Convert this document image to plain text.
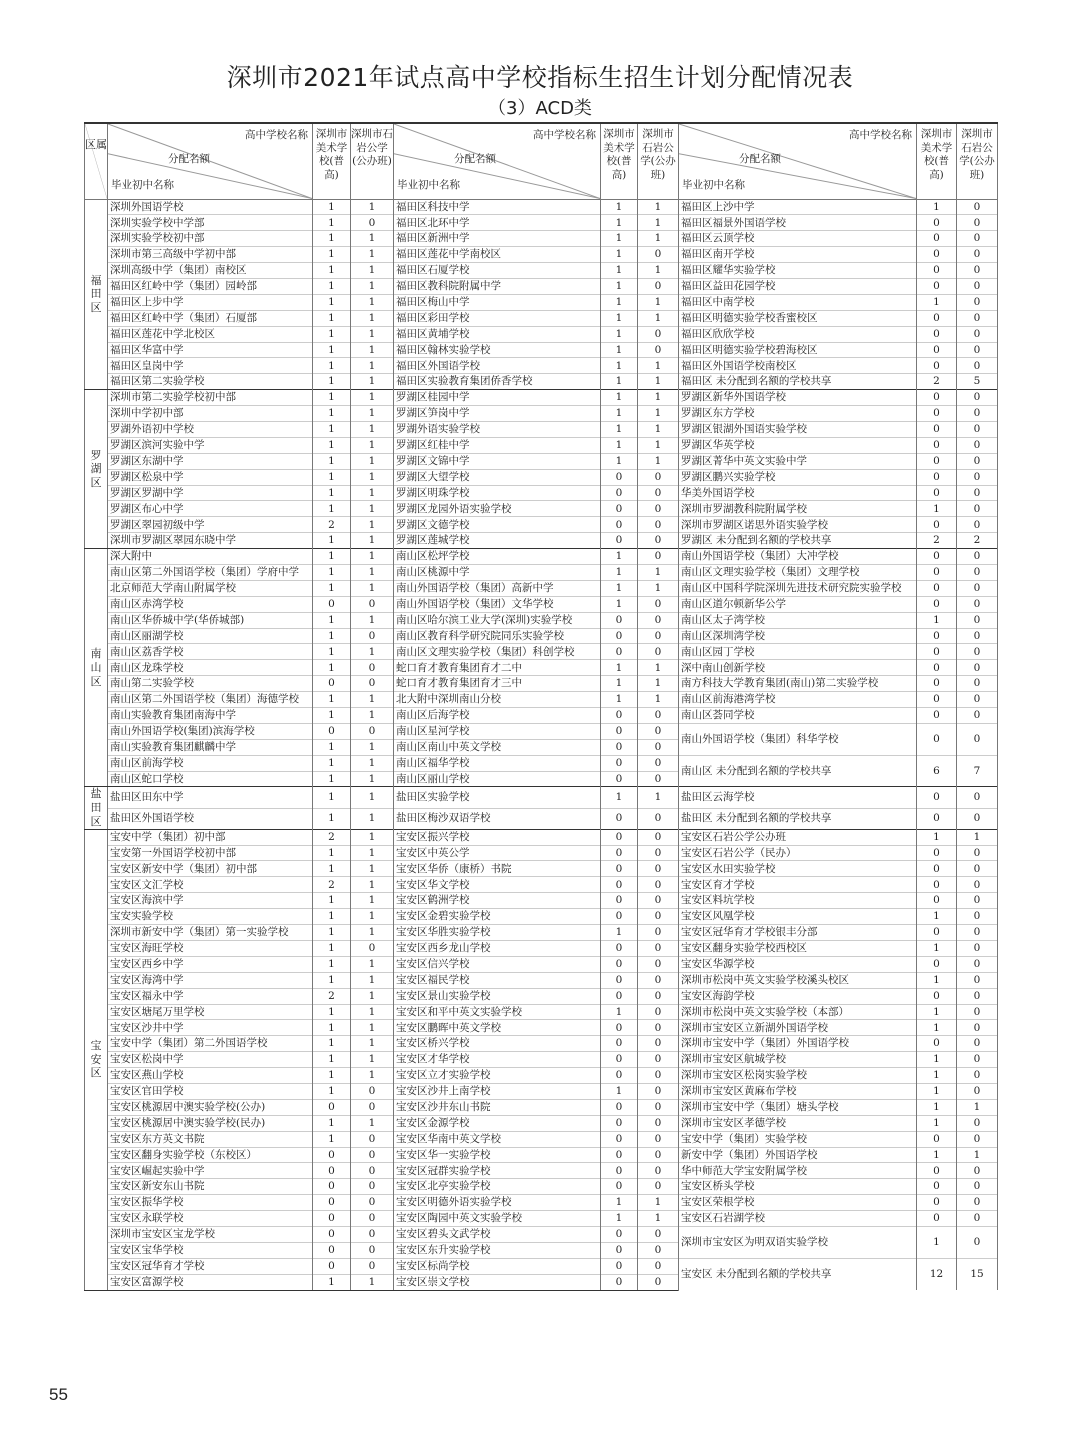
深圳市2021年试点高中学校指标生招生计划分配情况表
（3）ACD类
区属	高中学校名称
分配名额
毕业初中名称	深圳市美术学校(普高)	深圳市石岩公学(公办班)	高中学校名称
分配名额
毕业初中名称	深圳市美术学校(普高)	深圳市石岩公学(公办班)	高中学校名称
分配名额
毕业初中名称	深圳市美术学校(普高)	深圳市石岩公学(公办班)

福
田
区	深圳外国语学校	1	1	福田区科技中学	1	1	福田区上沙中学	1	0
	深圳实验学校中学部	1	0	福田区北环中学	1	1	福田区福景外国语学校	0	0
	深圳实验学校初中部	1	1	福田区新洲中学	1	1	福田区云顶学校	0	0
	深圳市第三高级中学初中部	1	1	福田区莲花中学南校区	1	0	福田区南开学校	0	0
	深圳高级中学（集团）南校区	1	1	福田区石厦学校	1	1	福田区耀华实验学校	0	0
	福田区红岭中学（集团）园岭部	1	1	福田区教科院附属中学	1	0	福田区益田花园学校	0	0
	福田区上步中学	1	1	福田区梅山中学	1	1	福田区中南学校	1	0
	福田区红岭中学（集团）石厦部	1	1	福田区彩田学校	1	1	福田区明德实验学校香蜜校区	0	0
	福田区莲花中学北校区	1	1	福田区黄埔学校	1	0	福田区欣欣学校	0	0
	福田区华富中学	1	1	福田区翰林实验学校	1	0	福田区明德实验学校碧海校区	0	0
	福田区皇岗中学	1	1	福田区外国语学校	1	1	福田区外国语学校南校区	0	0
	福田区第二实验学校	1	1	福田区实验教育集团侨香学校	1	1	福田区 未分配到名额的学校共享	2	5

罗
湖
区	深圳市第二实验学校初中部	1	1	罗湖区桂园中学	1	1	罗湖区新华外国语学校	0	0
	深圳中学初中部	1	1	罗湖区笋岗中学	1	1	罗湖区东方学校	0	0
	罗湖外语初中学校	1	1	罗湖外语实验学校	1	1	罗湖区银湖外国语实验学校	0	0
	罗湖区滨河实验中学	1	1	罗湖区红桂中学	1	1	罗湖区华英学校	0	0
	罗湖区东湖中学	1	1	罗湖区文锦中学	1	1	罗湖区菁华中英文实验中学	0	0
	罗湖区松泉中学	1	1	罗湖区大望学校	0	0	罗湖区鹏兴实验学校	0	0
	罗湖区罗湖中学	1	1	罗湖区明珠学校	0	0	华美外国语学校	0	0
	罗湖区布心中学	1	1	罗湖区龙园外语实验学校	0	0	深圳市罗湖教科院附属学校	1	0
	罗湖区翠园初级中学	2	1	罗湖区文德学校	0	0	深圳市罗湖区诺思外语实验学校	0	0
	深圳市罗湖区翠园东晓中学	1	1	罗湖区莲城学校	0	0	罗湖区 未分配到名额的学校共享	2	2

南
山
区	深大附中	1	1	南山区松坪学校	1	0	南山外国语学校（集团）大冲学校	0	0
	南山区第二外国语学校（集团）学府中学	1	1	南山区桃源中学	1	1	南山区文理实验学校（集团）文理学校	0	0
	北京师范大学南山附属学校	1	1	南山外国语学校（集团）高新中学	1	1	南山区中国科学院深圳先进技术研究院实验学校	0	0
	南山区赤湾学校	0	0	南山外国语学校（集团）文华学校	1	0	南山区道尔顿新华公学	0	0
	南山区华侨城中学(华侨城部)	1	1	南山区哈尔滨工业大学(深圳)实验学校	0	0	南山区太子湾学校	1	0
	南山区丽湖学校	1	0	南山区教育科学研究院同乐实验学校	0	0	南山区深圳湾学校	0	0
	南山区荔香学校	1	1	南山区文理实验学校（集团）科创学校	0	0	南山区园丁学校	0	0
	南山区龙珠学校	1	0	蛇口育才教育集团育才二中	1	1	深中南山创新学校	0	0
	南山第二实验学校	0	0	蛇口育才教育集团育才三中	1	1	南方科技大学教育集团(南山)第二实验学校	0	0
	南山区第二外国语学校（集团）海德学校	1	1	北大附中深圳南山分校	1	1	南山区前海港湾学校	0	0
	南山实验教育集团南海中学	1	1	南山区后海学校	0	0	南山区荟同学校	0	0
	南山外国语学校(集团)滨海学校	0	0	南山区星河学校	0	0	南山外国语学校（集团）科华学校	0	0
	南山实验教育集团麒麟中学	1	1	南山区南山中英文学校	0	0			
	南山区前海学校	1	1	南山区福华学校	0	0	南山区 未分配到名额的学校共享	6	7
	南山区蛇口学校	1	1	南山区丽山学校	0	0			

盐
田
区	盐田区田东中学	1	1	盐田区实验学校	1	1	盐田区云海学校	0	0
	盐田区外国语学校	1	1	盐田区梅沙双语学校	0	0	盐田区 未分配到名额的学校共享	0	0

宝
安
区	宝安中学（集团）初中部	2	1	宝安区振兴学校	0	0	宝安区石岩公学公办班	1	1
	宝安第一外国语学校初中部	1	1	宝安区中英公学	0	0	宝安区石岩公学（民办）	0	0
	宝安区新安中学（集团）初中部	1	1	宝安区华侨（康桥）书院	0	0	宝安区水田实验学校	0	0
	宝安区文汇学校	2	1	宝安区华文学校	0	0	宝安区育才学校	0	0
	宝安区海滨中学	1	1	宝安区鹤洲学校	0	0	宝安区料坑学校	0	0
	宝安实验学校	1	1	宝安区金碧实验学校	0	0	宝安区风凰学校	1	0
	深圳市新安中学（集团）第一实验学校	1	1	宝安区华胜实验学校	1	0	宝安区冠华育才学校银丰分部	0	0
	宝安区海旺学校	1	0	宝安区西乡龙山学校	0	0	宝安区翻身实验学校西校区	1	0
	宝安区西乡中学	1	1	宝安区信兴学校	0	0	宝安区华源学校	0	0
	宝安区海湾中学	1	1	宝安区福民学校	0	0	深圳市松岗中英文实验学校溪头校区	1	0
	宝安区福永中学	2	1	宝安区景山实验学校	0	0	宝安区海韵学校	0	0
	宝安区塘尾万里学校	1	1	宝安区和平中英文实验学校	1	0	深圳市松岗中英文实验学校（本部）	1	0
	宝安区沙井中学	1	1	宝安区鹏晖中英文学校	0	0	深圳市宝安区立新湖外国语学校	1	0
	宝安中学（集团）第二外国语学校	1	1	宝安区桥兴学校	0	0	深圳市宝安中学（集团）外国语学校	0	0
	宝安区松岗中学	1	1	宝安区才华学校	0	0	深圳市宝安区航城学校	1	0
	宝安区燕山学校	1	1	宝安区立才实验学校	0	0	深圳市宝安区松岗实验学校	1	0
	宝安区官田学校	1	0	宝安区沙井上南学校	1	0	深圳市宝安区黄麻布学校	1	0
	宝安区桃源居中澳实验学校(公办)	0	0	宝安区沙井东山书院	0	0	深圳市宝安中学（集团）塘头学校	1	1
	宝安区桃源居中澳实验学校(民办)	1	1	宝安区金源学校	0	0	深圳市宝安区孝德学校	1	0
	宝安区东方英文书院	1	0	宝安区华南中英文学校	0	0	宝安中学（集团）实验学校	0	0
	宝安区翻身实验学校（东校区）	0	0	宝安区华一实验学校	0	0	新安中学（集团）外国语学校	1	1
	宝安区崛起实验中学	0	0	宝安区冠群实验学校	0	0	华中师范大学宝安附属学校	0	0
	宝安区新安东山书院	0	0	宝安区北亭实验学校	0	0	宝安区桥头学校	0	0
	宝安区振华学校	0	0	宝安区明德外语实验学校	1	1	宝安区荣根学校	0	0
	宝安区永联学校	0	0	宝安区陶园中英文实验学校	1	1	宝安区石岩湖学校	0	0
	深圳市宝安区宝龙学校	0	0	宝安区碧头文武学校	0	0	深圳市宝安区为明双语实验学校	1	0
	宝安区宝华学校	0	0	宝安区东升实验学校	0	0			
	宝安区冠华育才学校	0	0	宝安区标尚学校	0	0	宝安区 未分配到名额的学校共享	12	15
	宝安区富源学校	1	1	宝安区崇文学校	0	0			
55
